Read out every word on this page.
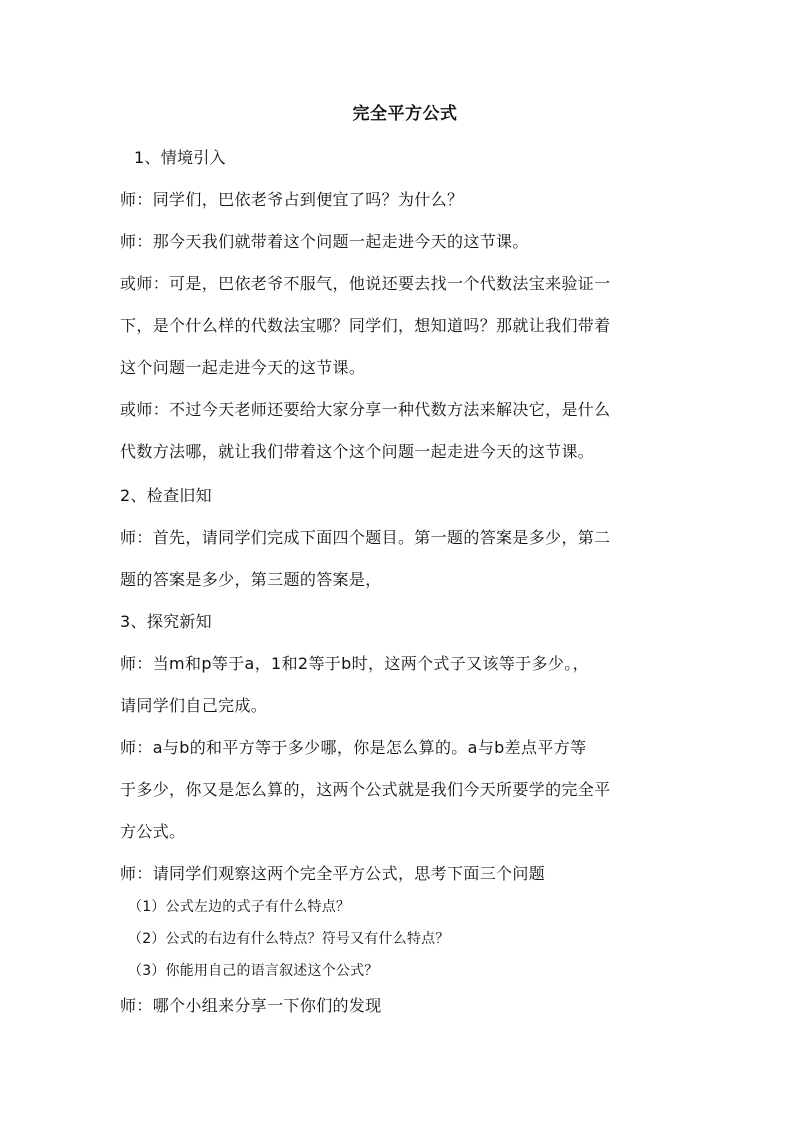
完全平方公式
1、情境引入
师：同学们，巴依老爷占到便宜了吗？为什么？
师：那今天我们就带着这个问题一起走进今天的这节课。
或师：可是，巴依老爷不服气，他说还要去找一个代数法宝来验证一
下，是个什么样的代数法宝哪？同学们，想知道吗？那就让我们带着
这个问题一起走进今天的这节课。
或师：不过今天老师还要给大家分享一种代数方法来解决它，是什么
代数方法哪，就让我们带着这个这个问题一起走进今天的这节课。
2、检查旧知
师：首先，请同学们完成下面四个题目。第一题的答案是多少，第二
题的答案是多少，第三题的答案是，
3、探究新知
师：当m和p等于a，1和2等于b时，这两个式子又该等于多少。，
请同学们自己完成。
师：a与b的和平方等于多少哪，你是怎么算的。a与b差点平方等
于多少，你又是怎么算的，这两个公式就是我们今天所要学的完全平
方公式。
师：请同学们观察这两个完全平方公式，思考下面三个问题
（1）公式左边的式子有什么特点？
（2）公式的右边有什么特点？符号又有什么特点？
（3）你能用自己的语言叙述这个公式？
师：哪个小组来分享一下你们的发现
